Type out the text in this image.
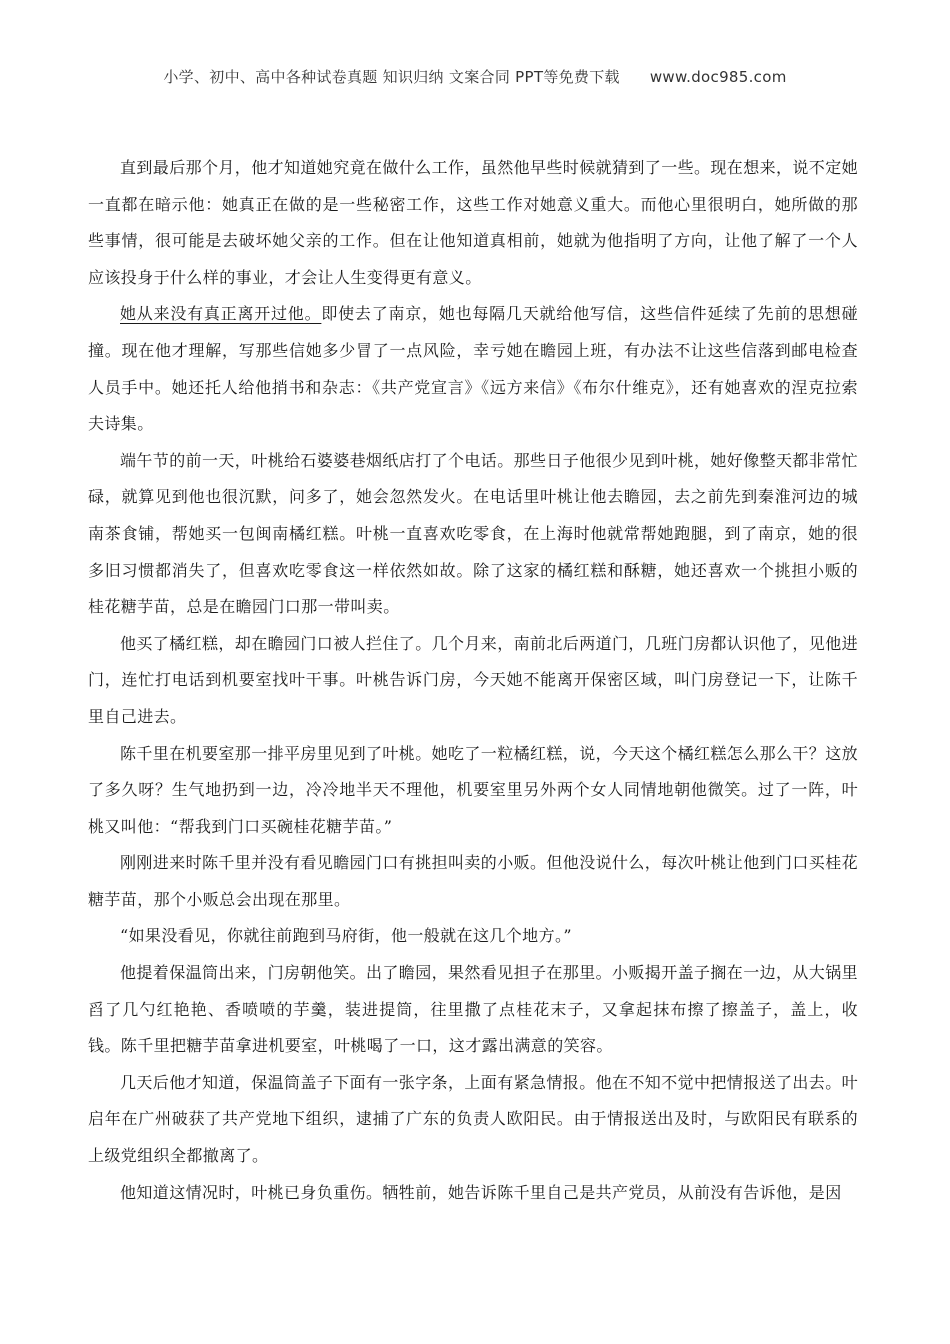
小学、初中、高中各种试卷真题 知识归纳 文案合同 PPT等免费下载 www.doc985.com

直到最后那个月，他才知道她究竟在做什么工作，虽然他早些时候就猜到了一些。现在想来，说不定她一直都在暗示他：她真正在做的是一些秘密工作，这些工作对她意义重大。而他心里很明白，她所做的那些事情，很可能是去破坏她父亲的工作。但在让他知道真相前，她就为他指明了方向，让他了解了一个人应该投身于什么样的事业，才会让人生变得更有意义。

她从来没有真正离开过他。即使去了南京，她也每隔几天就给他写信，这些信件延续了先前的思想碰撞。现在他才理解，写那些信她多少冒了一点风险，幸亏她在瞻园上班，有办法不让这些信落到邮电检查人员手中。她还托人给他捎书和杂志：《共产党宣言》《远方来信》《布尔什维克》，还有她喜欢的涅克拉索夫诗集。

端午节的前一天，叶桃给石婆婆巷烟纸店打了个电话。那些日子他很少见到叶桃，她好像整天都非常忙碌，就算见到他也很沉默，问多了，她会忽然发火。在电话里叶桃让他去瞻园，去之前先到秦淮河边的城南茶食铺，帮她买一包闽南橘红糕。叶桃一直喜欢吃零食，在上海时他就常帮她跑腿，到了南京，她的很多旧习惯都消失了，但喜欢吃零食这一样依然如故。除了这家的橘红糕和酥糖，她还喜欢一个挑担小贩的桂花糖芋苗，总是在瞻园门口那一带叫卖。

他买了橘红糕，却在瞻园门口被人拦住了。几个月来，南前北后两道门，几班门房都认识他了，见他进门，连忙打电话到机要室找叶干事。叶桃告诉门房，今天她不能离开保密区域，叫门房登记一下，让陈千里自己进去。

陈千里在机要室那一排平房里见到了叶桃。她吃了一粒橘红糕，说，今天这个橘红糕怎么那么干？这放了多久呀？生气地扔到一边，冷冷地半天不理他，机要室里另外两个女人同情地朝他微笑。过了一阵，叶桃又叫他：“帮我到门口买碗桂花糖芋苗。”

刚刚进来时陈千里并没有看见瞻园门口有挑担叫卖的小贩。但他没说什么，每次叶桃让他到门口买桂花糖芋苗，那个小贩总会出现在那里。

“如果没看见，你就往前跑到马府街，他一般就在这几个地方。”

他提着保温筒出来，门房朝他笑。出了瞻园，果然看见担子在那里。小贩揭开盖子搁在一边，从大锅里舀了几勺红艳艳、香喷喷的芋羹，装进提筒，往里撒了点桂花末子，又拿起抹布擦了擦盖子，盖上，收钱。陈千里把糖芋苗拿进机要室，叶桃喝了一口，这才露出满意的笑容。

几天后他才知道，保温筒盖子下面有一张字条，上面有紧急情报。他在不知不觉中把情报送了出去。叶启年在广州破获了共产党地下组织，逮捕了广东的负责人欧阳民。由于情报送出及时，与欧阳民有联系的上级党组织全都撤离了。

他知道这情况时，叶桃已身负重伤。牺牲前，她告诉陈千里自己是共产党员，从前没有告诉他，是因
